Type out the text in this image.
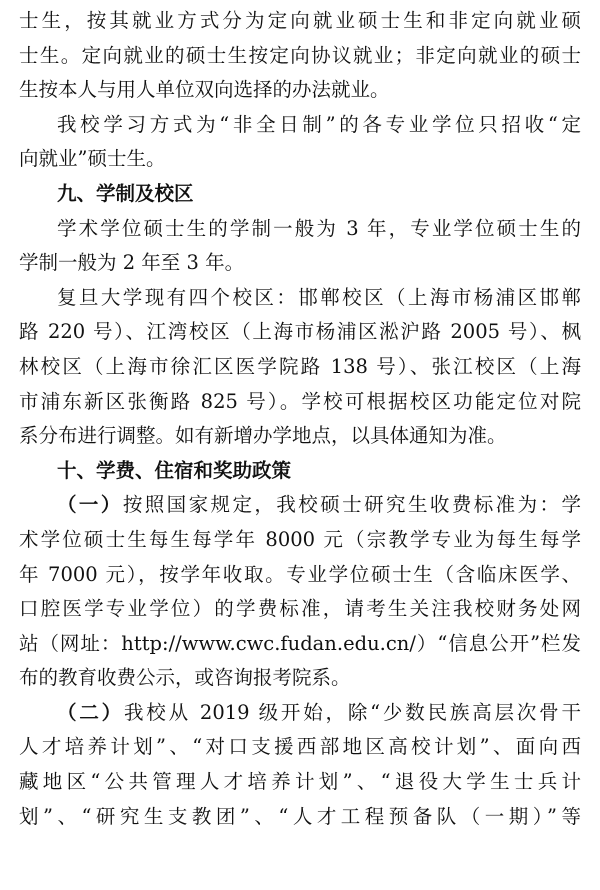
士生，按其就业方式分为定向就业硕士生和非定向就业硕
士生。定向就业的硕士生按定向协议就业；非定向就业的硕士
生按本人与用人单位双向选择的办法就业。
我校学习方式为“非全日制”的各专业学位只招收“定
向就业”硕士生。
九、学制及校区
学术学位硕士生的学制一般为 3 年，专业学位硕士生的
学制一般为 2 年至 3 年。
复旦大学现有四个校区：邯郸校区（上海市杨浦区邯郸
路 220 号）、江湾校区（上海市杨浦区淞沪路 2005 号）、枫
林校区（上海市徐汇区医学院路 138 号）、张江校区（上海
市浦东新区张衡路 825 号）。学校可根据校区功能定位对院
系分布进行调整。如有新增办学地点，以具体通知为准。
十、学费、住宿和奖助政策
（一）按照国家规定，我校硕士研究生收费标准为：学
术学位硕士生每生每学年 8000 元（宗教学专业为每生每学
年 7000 元），按学年收取。专业学位硕士生（含临床医学、
口腔医学专业学位）的学费标准，请考生关注我校财务处网
站（网址：http://www.cwc.fudan.edu.cn/）“信息公开”栏发
布的教育收费公示，或咨询报考院系。
（二）我校从 2019 级开始，除“少数民族高层次骨干
人才培养计划”、“对口支援西部地区高校计划”、面向西
藏地区“公共管理人才培养计划”、“退役大学生士兵计
划”、“研究生支教团”、“人才工程预备队（一期）”等
